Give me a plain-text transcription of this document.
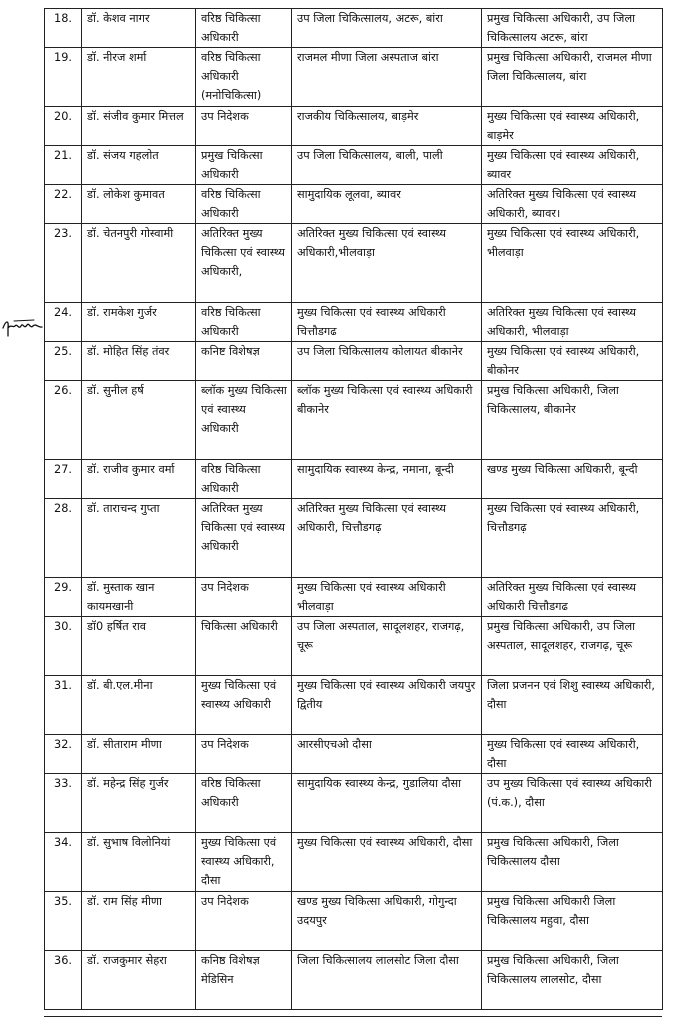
18.	डॉ. केशव नागर	वरिष्ठ चिकित्सा अधिकारी	उप जिला चिकित्सालय, अटरू, बांरा	प्रमुख चिकित्सा अधिकारी, उप जिला चिकित्सालय अटरू, बांरा
19.	डॉ. नीरज शर्मा	वरिष्ठ चिकित्सा अधिकारी (मनोचिकित्सा)	राजमल मीणा जिला अस्पताज बांरा	प्रमुख चिकित्सा अधिकारी, राजमल मीणा जिला चिकित्सालय, बांरा
20.	डॉ. संजीव कुमार मित्तल	उप निदेशक	राजकीय चिकित्सालय, बाड़मेर	मुख्य चिकित्सा एवं स्वास्थ्य अधिकारी, बाड़मेर
21.	डॉ. संजय गहलोत	प्रमुख चिकित्सा अधिकारी	उप जिला चिकित्सालय, बाली, पाली	मुख्य चिकित्सा एवं स्वास्थ्य अधिकारी, ब्यावर
22.	डॉ. लोकेश कुमावत	वरिष्ठ चिकित्सा अधिकारी	सामुदायिक लूलवा, ब्यावर	अतिरिक्त मुख्य चिकित्सा एवं स्वास्थ्य अधिकारी, ब्यावर।
23.	डॉ. चेतनपुरी गोस्वामी	अतिरिक्त मुख्य चिकित्सा एवं स्वास्थ्य अधिकारी,	अतिरिक्त मुख्य चिकित्सा एवं स्वास्थ्य अधिकारी,भीलवाड़ा	मुख्य चिकित्सा एवं स्वास्थ्य अधिकारी, भीलवाड़ा
24.	डॉ. रामकेश गुर्जर	वरिष्ठ चिकित्सा अधिकारी	मुख्य चिकित्सा एवं स्वास्थ्य अधिकारी चित्तौडगढ	अतिरिक्त मुख्य चिकित्सा एवं स्वास्थ्य अधिकारी, भीलवाड़ा
25.	डॉ. मोहित सिंह तंवर	कनिष्ट विशेषज्ञ	उप जिला चिकित्सालय कोलायत बीकानेर	मुख्य चिकित्सा एवं स्वास्थ्य अधिकारी, बीकोनर
26.	डॉ. सुनील हर्ष	ब्लॉक मुख्य चिकित्सा एवं स्वास्थ्य अधिकारी	ब्लॉक मुख्य चिकित्सा एवं स्वास्थ्य अधिकारी बीकानेर	प्रमुख चिकित्सा अधिकारी, जिला चिकित्सालय, बीकानेर
27.	डॉ. राजीव कुमार वर्मा	वरिष्ठ चिकित्सा अधिकारी	सामुदायिक स्वास्थ्य केन्द्र, नमाना, बून्दी	खण्ड मुख्य चिकित्सा अधिकारी, बून्दी
28.	डॉ. ताराचन्द गुप्ता	अतिरिक्त मुख्य चिकित्सा एवं स्वास्थ्य अधिकारी	अतिरिक्त मुख्य चिकित्सा एवं स्वास्थ्य अधिकारी, चित्तौडगढ़	मुख्य चिकित्सा एवं स्वास्थ्य अधिकारी, चित्तौडगढ़
29.	डॉ. मुस्ताक खान कायमखानी	उप निदेशक	मुख्य चिकित्सा एवं स्वास्थ्य अधिकारी भीलवाड़ा	अतिरिक्त मुख्य चिकित्सा एवं स्वास्थ्य अधिकारी चित्तौडगढ
30.	डॉ0 हर्षित राव	चिकित्सा अधिकारी	उप जिला अस्पताल, सादूलशहर, राजगढ़, चूरू	प्रमुख चिकित्सा अधिकारी, उप जिला अस्पताल, सादूलशहर, राजगढ़, चूरू
31.	डॉ. बी.एल.मीना	मुख्य चिकित्सा एवं स्वास्थ्य अधिकारी	मुख्य चिकित्सा एवं स्वास्थ्य अधिकारी जयपुर द्वितीय	जिला प्रजनन एवं शिशु स्वास्थ्य अधिकारी, दौसा
32.	डॉ. सीताराम मीणा	उप निदेशक	आरसीएचओ दौसा	मुख्य चिकित्सा एवं स्वास्थ्य अधिकारी, दौसा
33.	डॉ. महेन्द्र सिंह गुर्जर	वरिष्ठ चिकित्सा अधिकारी	सामुदायिक स्वास्थ्य केन्द्र, गुडालिया दौसा	उप मुख्य चिकित्सा एवं स्वास्थ्य अधिकारी (पं.क.), दौसा
34.	डॉ. सुभाष विलोनियां	मुख्य चिकित्सा एवं स्वास्थ्य अधिकारी, दौसा	मुख्य चिकित्सा एवं स्वास्थ्य अधिकारी, दौसा	प्रमुख चिकित्सा अधिकारी, जिला चिकित्सालय दौसा
35.	डॉ. राम सिंह मीणा	उप निदेशक	खण्ड मुख्य चिकित्सा अधिकारी, गोगुन्दा उदयपुर	प्रमुख चिकित्सा अधिकारी जिला चिकित्सालय महुवा, दौसा
36.	डॉ. राजकुमार सेहरा	कनिष्ठ विशेषज्ञ मेडिसिन	जिला चिकित्सालय लालसोट जिला दौसा	प्रमुख चिकित्सा अधिकारी, जिला चिकित्सालय लालसोट, दौसा
